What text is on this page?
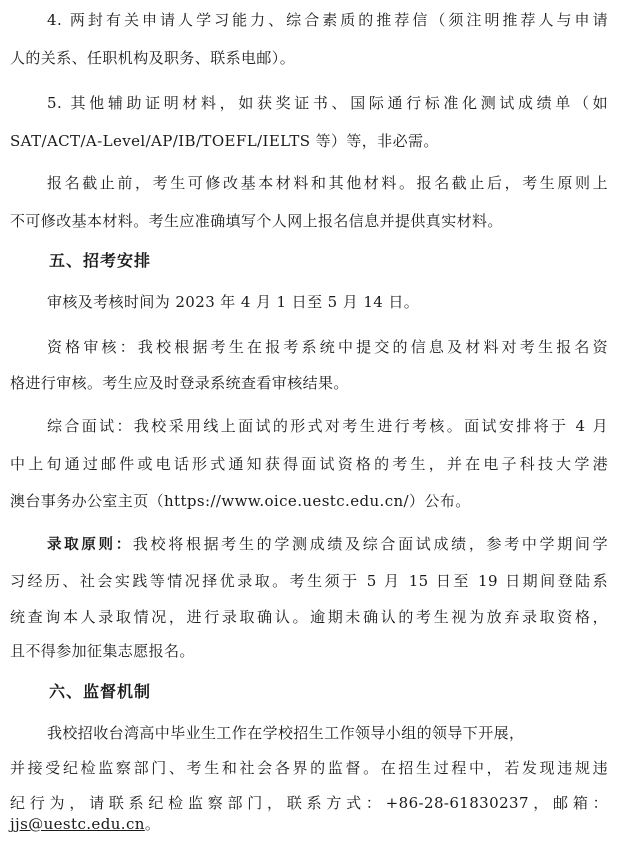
4. 两封有关申请人学习能力、综合素质的推荐信（须注明推荐人与申请

人的关系、任职机构及职务、联系电邮）。

5. 其他辅助证明材料，如获奖证书、国际通行标准化测试成绩单（如

SAT/ACT/A-Level/AP/IB/TOEFL/IELTS 等）等，非必需。

报名截止前，考生可修改基本材料和其他材料。报名截止后，考生原则上

不可修改基本材料。考生应准确填写个人网上报名信息并提供真实材料。

五、招考安排

审核及考核时间为 2023 年 4 月 1 日至 5 月 14 日。

资格审核：我校根据考生在报考系统中提交的信息及材料对考生报名资

格进行审核。考生应及时登录系统查看审核结果。

综合面试：我校采用线上面试的形式对考生进行考核。面试安排将于 4 月

中上旬通过邮件或电话形式通知获得面试资格的考生，并在电子科技大学港

澳台事务办公室主页（https://www.oice.uestc.edu.cn/）公布。

录取原则：我校将根据考生的学测成绩及综合面试成绩，参考中学期间学

习经历、社会实践等情况择优录取。考生须于 5 月 15 日至 19 日期间登陆系

统查询本人录取情况，进行录取确认。逾期未确认的考生视为放弃录取资格，

且不得参加征集志愿报名。

六、监督机制

我校招收台湾高中毕业生工作在学校招生工作领导小组的领导下开展，

并接受纪检监察部门、考生和社会各界的监督。在招生过程中，若发现违规违

纪行为，请联系纪检监察部门，联系方式：+86-28-61830237，邮箱：

jjs@uestc.edu.cn。
